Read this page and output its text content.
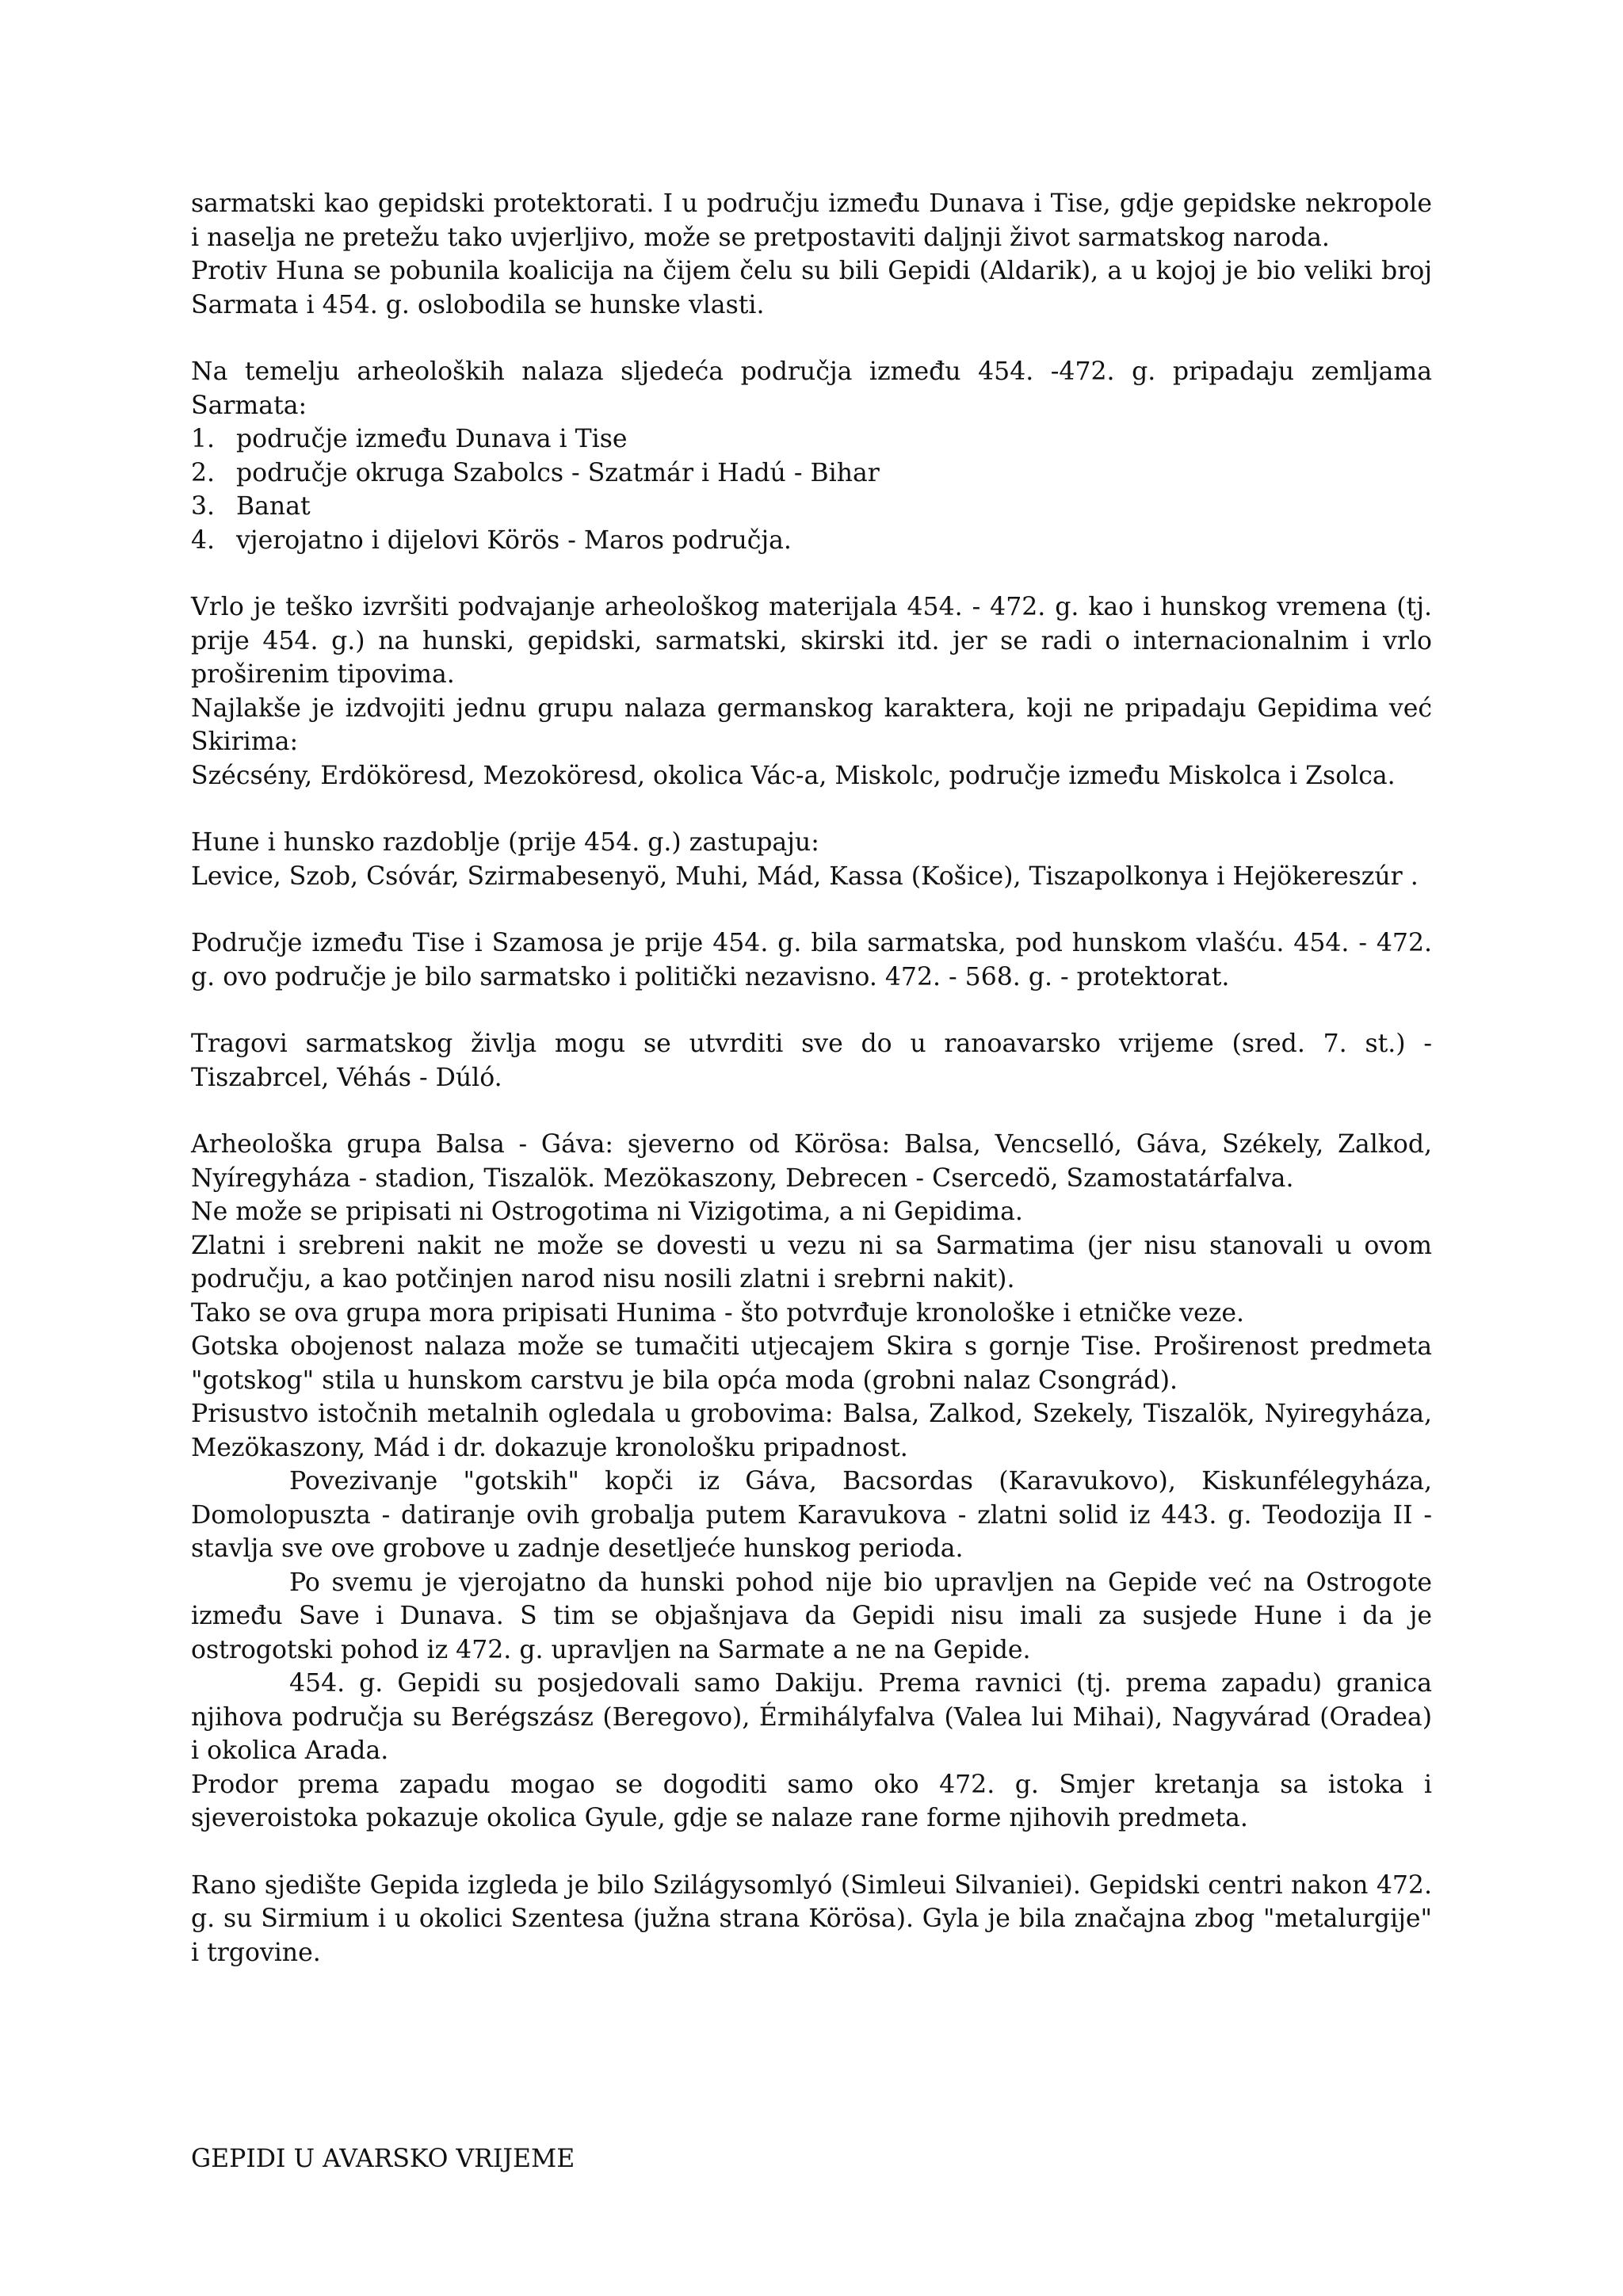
sarmatski kao gepidski protektorati. I u području između Dunava i Tise, gdje gepidske nekropole i naselja ne pretežu tako uvjerljivo, može se pretpostaviti daljnji život sarmatskog naroda.

Protiv Huna se pobunila koalicija na čijem čelu su bili Gepidi (Aldarik), a u kojoj je bio veliki broj Sarmata i 454. g. oslobodila se hunske vlasti.

Na temelju arheoloških nalaza sljedeća područja između 454. -472. g. pripadaju zemljama Sarmata:

1. područje između Dunava i Tise
2. područje okruga Szabolcs - Szatmár i Hadú - Bihar
3. Banat
4. vjerojatno i dijelovi Körös - Maros područja.

Vrlo je teško izvršiti podvajanje arheološkog materijala 454. - 472. g. kao i hunskog vremena (tj. prije 454. g.) na hunski, gepidski, sarmatski, skirski itd. jer se radi o internacionalnim i vrlo proširenim tipovima.

Najlakše je izdvojiti jednu grupu nalaza germanskog karaktera, koji ne pripadaju Gepidima već Skirima:

Szécsény, Erdököresd, Mezoköresd, okolica Vác-a, Miskolc, područje između Miskolca i Zsolca.

Hune i hunsko razdoblje (prije 454. g.) zastupaju:

Levice, Szob, Csóvár, Szirmabesenyö, Muhi, Mád, Kassa (Košice), Tiszapolkonya i Hejökereszúr .

Područje između Tise i Szamosa je prije 454. g. bila sarmatska, pod hunskom vlašću. 454. - 472. g. ovo područje je bilo sarmatsko i politički nezavisno. 472. - 568. g. - protektorat.

Tragovi sarmatskog življa mogu se utvrditi sve do u ranoavarsko vrijeme (sred. 7. st.) - Tiszabrcel, Véhás - Dúló.

Arheološka grupa Balsa - Gáva: sjeverno od Körösa: Balsa, Vencselló, Gáva, Székely, Zalkod, Nyíregyháza - stadion, Tiszalök. Mezökaszony, Debrecen - Csercedö, Szamostatárfalva.

Ne može se pripisati ni Ostrogotima ni Vizigotima, a ni Gepidima.

Zlatni i srebreni nakit ne može se dovesti u vezu ni sa Sarmatima (jer nisu stanovali u ovom području, a kao potčinjen narod nisu nosili zlatni i srebrni nakit).

Tako se ova grupa mora pripisati Hunima - što potvrđuje kronološke i etničke veze.

Gotska obojenost nalaza može se tumačiti utjecajem Skira s gornje Tise. Proširenost predmeta "gotskog" stila u hunskom carstvu je bila opća moda (grobni nalaz Csongrád).

Prisustvo istočnih metalnih ogledala u grobovima: Balsa, Zalkod, Szekely, Tiszalök, Nyiregyháza, Mezökaszony, Mád i dr. dokazuje kronološku pripadnost.

Povezivanje "gotskih" kopči iz Gáva, Bacsordas (Karavukovo), Kiskunfélegyháza, Domolopuszta - datiranje ovih grobalja putem Karavukova - zlatni solid iz 443. g. Teodozija II - stavlja sve ove grobove u zadnje desetljeće hunskog perioda.

Po svemu je vjerojatno da hunski pohod nije bio upravljen na Gepide već na Ostrogote između Save i Dunava. S tim se objašnjava da Gepidi nisu imali za susjede Hune i da je ostrogotski pohod iz 472. g. upravljen na Sarmate a ne na Gepide.

454. g. Gepidi su posjedovali samo Dakiju. Prema ravnici (tj. prema zapadu) granica njihova područja su Berégszász (Beregovo), Érmihályfalva (Valea lui Mihai), Nagyvárad (Oradea) i okolica Arada.

Prodor prema zapadu mogao se dogoditi samo oko 472. g. Smjer kretanja sa istoka i sjeveroistoka pokazuje okolica Gyule, gdje se nalaze rane forme njihovih predmeta.

Rano sjedište Gepida izgleda je bilo Szilágysomlyó (Simleui Silvaniei). Gepidski centri nakon 472. g. su Sirmium i u okolici Szentesa (južna strana Körösa). Gyla je bila značajna zbog "metalurgije" i trgovine.

GEPIDI U AVARSKO VRIJEME
